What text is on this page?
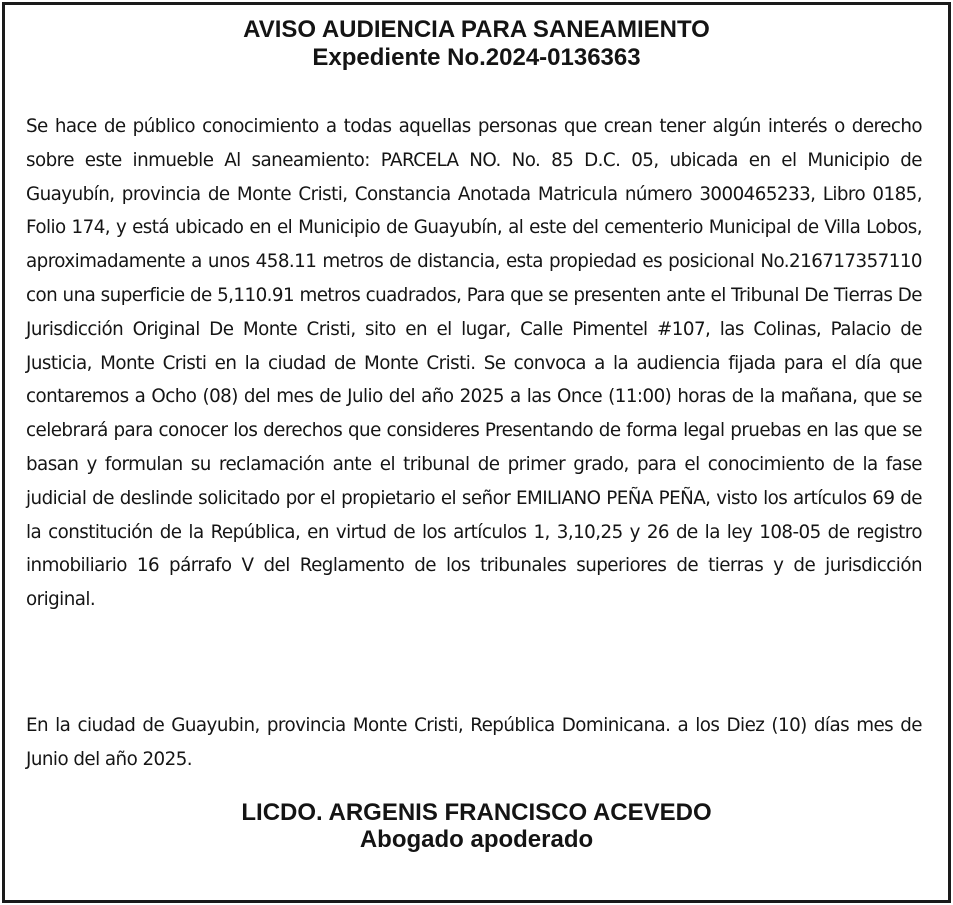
AVISO AUDIENCIA PARA SANEAMIENTO
Expediente No.2024-0136363

Se hace de público conocimiento a todas aquellas personas que crean tener algún interés o derecho sobre este inmueble Al saneamiento: PARCELA NO. No. 85 D.C. 05, ubicada en el Municipio de Guayubín, provincia de Monte Cristi, Constancia Anotada Matricula número 3000465233, Libro 0185, Folio 174, y está ubicado en el Municipio de Guayubín, al este del cementerio Municipal de Villa Lobos, aproximadamente a unos 458.11 metros de distancia, esta propiedad es posicional No.216717357110 con una superficie de 5,110.91 metros cuadrados, Para que se presenten ante el Tribunal De Tierras De Jurisdicción Original De Monte Cristi, sito en el lugar, Calle Pimentel #107, las Colinas, Palacio de Justicia, Monte Cristi en la ciudad de Monte Cristi. Se convoca a la audiencia fijada para el día que contaremos a Ocho (08) del mes de Julio del año 2025 a las Once (11:00) horas de la mañana, que se celebrará para conocer los derechos que consideres Presentando de forma legal pruebas en las que se basan y formulan su reclamación ante el tribunal de primer grado, para el conocimiento de la fase judicial de deslinde solicitado por el propietario el señor EMILIANO PEÑA PEÑA, visto los artículos 69 de la constitución de la República, en virtud de los artículos 1, 3,10,25 y 26 de la ley 108-05 de registro inmobiliario 16 párrafo V del Reglamento de los tribunales superiores de tierras y de jurisdicción original.

En la ciudad de Guayubin, provincia Monte Cristi, República Dominicana. a los Diez (10) días mes de Junio del año 2025.

LICDO. ARGENIS FRANCISCO ACEVEDO
Abogado apoderado
